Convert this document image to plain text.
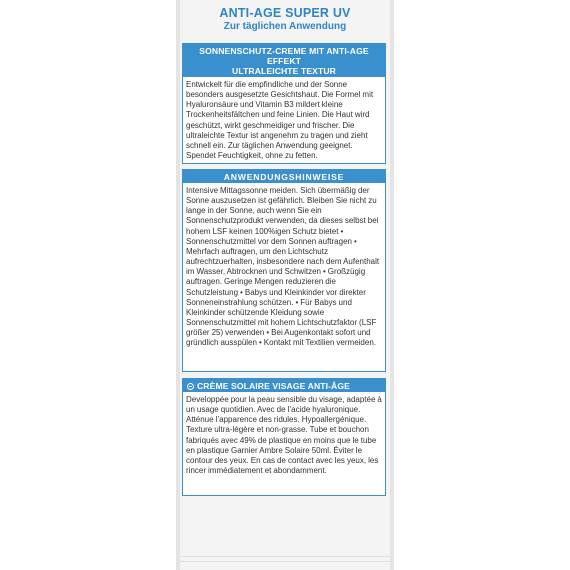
ANTI-AGE SUPER UV
Zur täglichen Anwendung
SONNENSCHUTZ-CREME MIT ANTI-AGE EFFEKT
ULTRALEICHTE TEXTUR
Entwickelt für die empfindliche und der Sonne besonders ausgesetzte Gesichtshaut. Die Formel mit Hyaluronsäure und Vitamin B3 mildert kleine Trockenheitsfältchen und feine Linien. Die Haut wird geschützt, wirkt geschmeidiger und frischer. Die ultraleichte Textur ist angenehm zu tragen und zieht schnell ein. Zur täglichen Anwendung geeignet. Spendet Feuchtigkeit, ohne zu fetten.
ANWENDUNGSHINWEISE
Intensive Mittagssonne meiden. Sich übermäßig der Sonne auszusetzen ist gefährlich. Bleiben Sie nicht zu lange in der Sonne, auch wenn Sie ein Sonnenschutzprodukt verwenden, da dieses selbst bei hohem LSF keinen 100%igen Schutz bietet • Sonnenschutzmittel vor dem Sonnen auftragen • Mehrfach auftragen, um den Lichtschutz aufrechtzuerhalten, insbesondere nach dem Aufenthalt im Wasser, Abtrocknen und Schwitzen • Großzügig auftragen. Geringe Mengen reduzieren die Schutzleistung • Babys und Kleinkinder vor direkter Sonneneinstrahlung schützen. • Für Babys und Kleinkinder schützende Kleidung sowie Sonnenschutzmittel mit hohem Lichtschutzfaktor (LSF größer 25) verwenden • Bei Augenkontakt sofort und gründlich ausspülen • Kontakt mit Textilien vermeiden.
CRÈME SOLAIRE VISAGE ANTI-ÂGE
Developpée pour la peau sensible du visage, adaptée à un usage quotidien. Avec de l’acide hyaluronique. Atténue l’apparence des ridules. Hypoallergénique. Texture ultra-légère et non-grasse. Tube et bouchon fabriqués avec 49% de plastique en moins que le tube en plastique Garnier Ambre Solaire 50ml. Éviter le contour des yeux. En cas de contact avec les yeux, les rincer immédiatement et abondamment.
